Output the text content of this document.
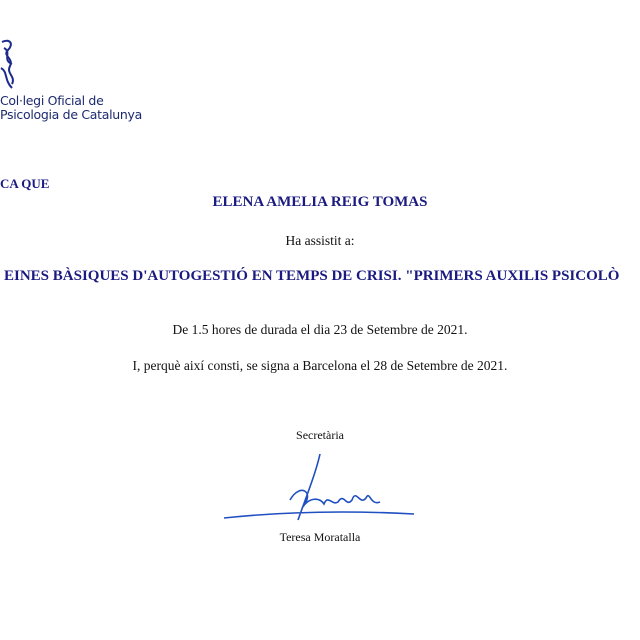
Col·legi Oficial de
Psicologia de Catalunya
CA QUE
ELENA AMELIA REIG TOMAS
Ha assistit a:
EINES BÀSIQUES D'AUTOGESTIÓ EN TEMPS DE CRISI. "PRIMERS AUXILIS PSICOLÒ
De 1.5 hores de durada el dia 23 de Setembre de 2021.
I, perquè així consti, se signa a Barcelona el 28 de Setembre de 2021.
Secretària
Teresa Moratalla
